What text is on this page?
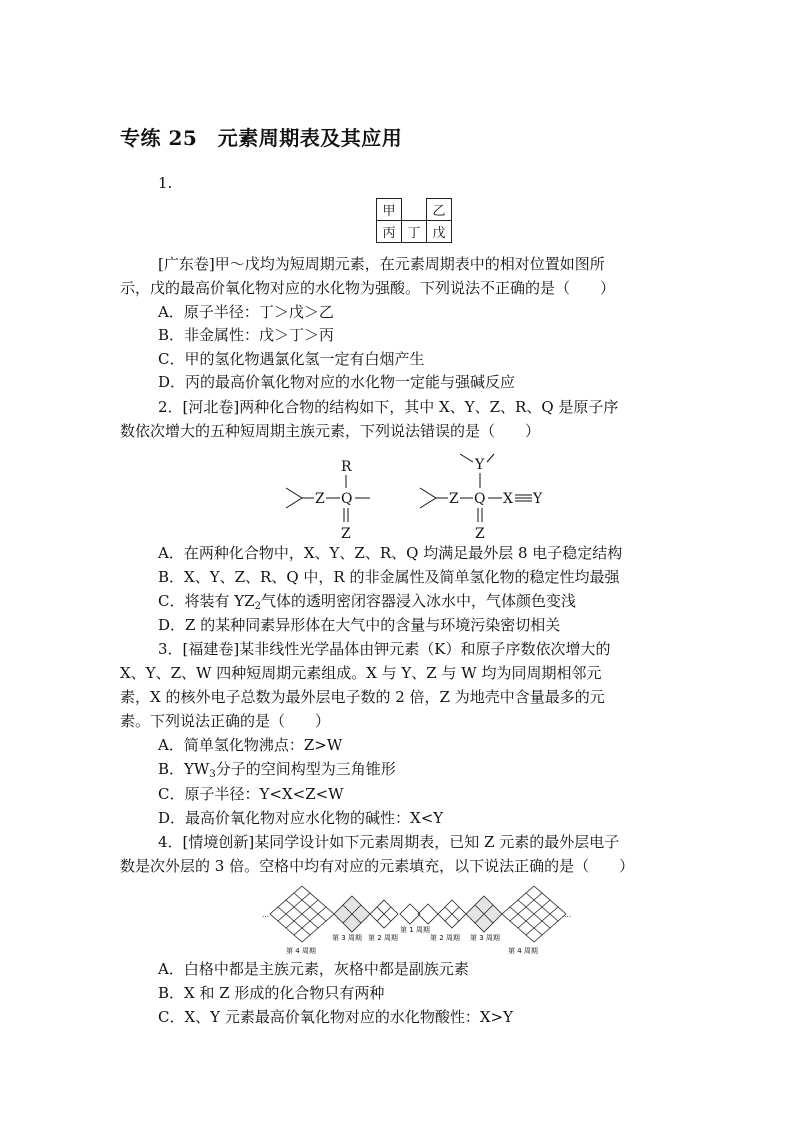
专练 25　元素周期表及其应用
1.
甲		乙
丙	丁	戊
[广东卷]甲～戊均为短周期元素，在元素周期表中的相对位置如图所
示，戊的最高价氧化物对应的水化物为强酸。下列说法不正确的是（　　）
A．原子半径：丁＞戊＞乙
B．非金属性：戊＞丁＞丙
C．甲的氢化物遇氯化氢一定有白烟产生
D．丙的最高价氧化物对应的水化物一定能与强碱反应
2．[河北卷]两种化合物的结构如下，其中 X、Y、Z、R、Q 是原子序
数依次增大的五种短周期主族元素，下列说法错误的是（　　）
Z Q
R
Z
Z Q X Y
Y
Z
A．在两种化合物中，X、Y、Z、R、Q 均满足最外层 8 电子稳定结构
B．X、Y、Z、R、Q 中，R 的非金属性及简单氢化物的稳定性均最强
C．将装有 $YZ_2$气体的透明密闭容器浸入冰水中，气体颜色变浅
D．Z 的某种同素异形体在大气中的含量与环境污染密切相关
3．[福建卷]某非线性光学晶体由钾元素（K）和原子序数依次增大的
X、Y、Z、W 四种短周期元素组成。X 与 Y、Z 与 W 均为同周期相邻元
素，X 的核外电子总数为最外层电子数的 2 倍，Z 为地壳中含量最多的元
素。下列说法正确的是（　　）
A．简单氢化物沸点：Z>W
B．$YW_3$分子的空间构型为三角锥形
C．原子半径：Y<X<Z<W
D．最高价氧化物对应水化物的碱性：X<Y
4．[情境创新]某同学设计如下元素周期表，已知 Z 元素的最外层电子
数是次外层的 3 倍。空格中均有对应的元素填充，以下说法正确的是（　　）
…	…
第 1 周期
第 3 周期 第 2 周期	第 2 周期 第 3 周期
第 4 周期	第 4 周期
A．白格中都是主族元素，灰格中都是副族元素
B．X 和 Z 形成的化合物只有两种
C．X、Y 元素最高价氧化物对应的水化物酸性：X>Y
